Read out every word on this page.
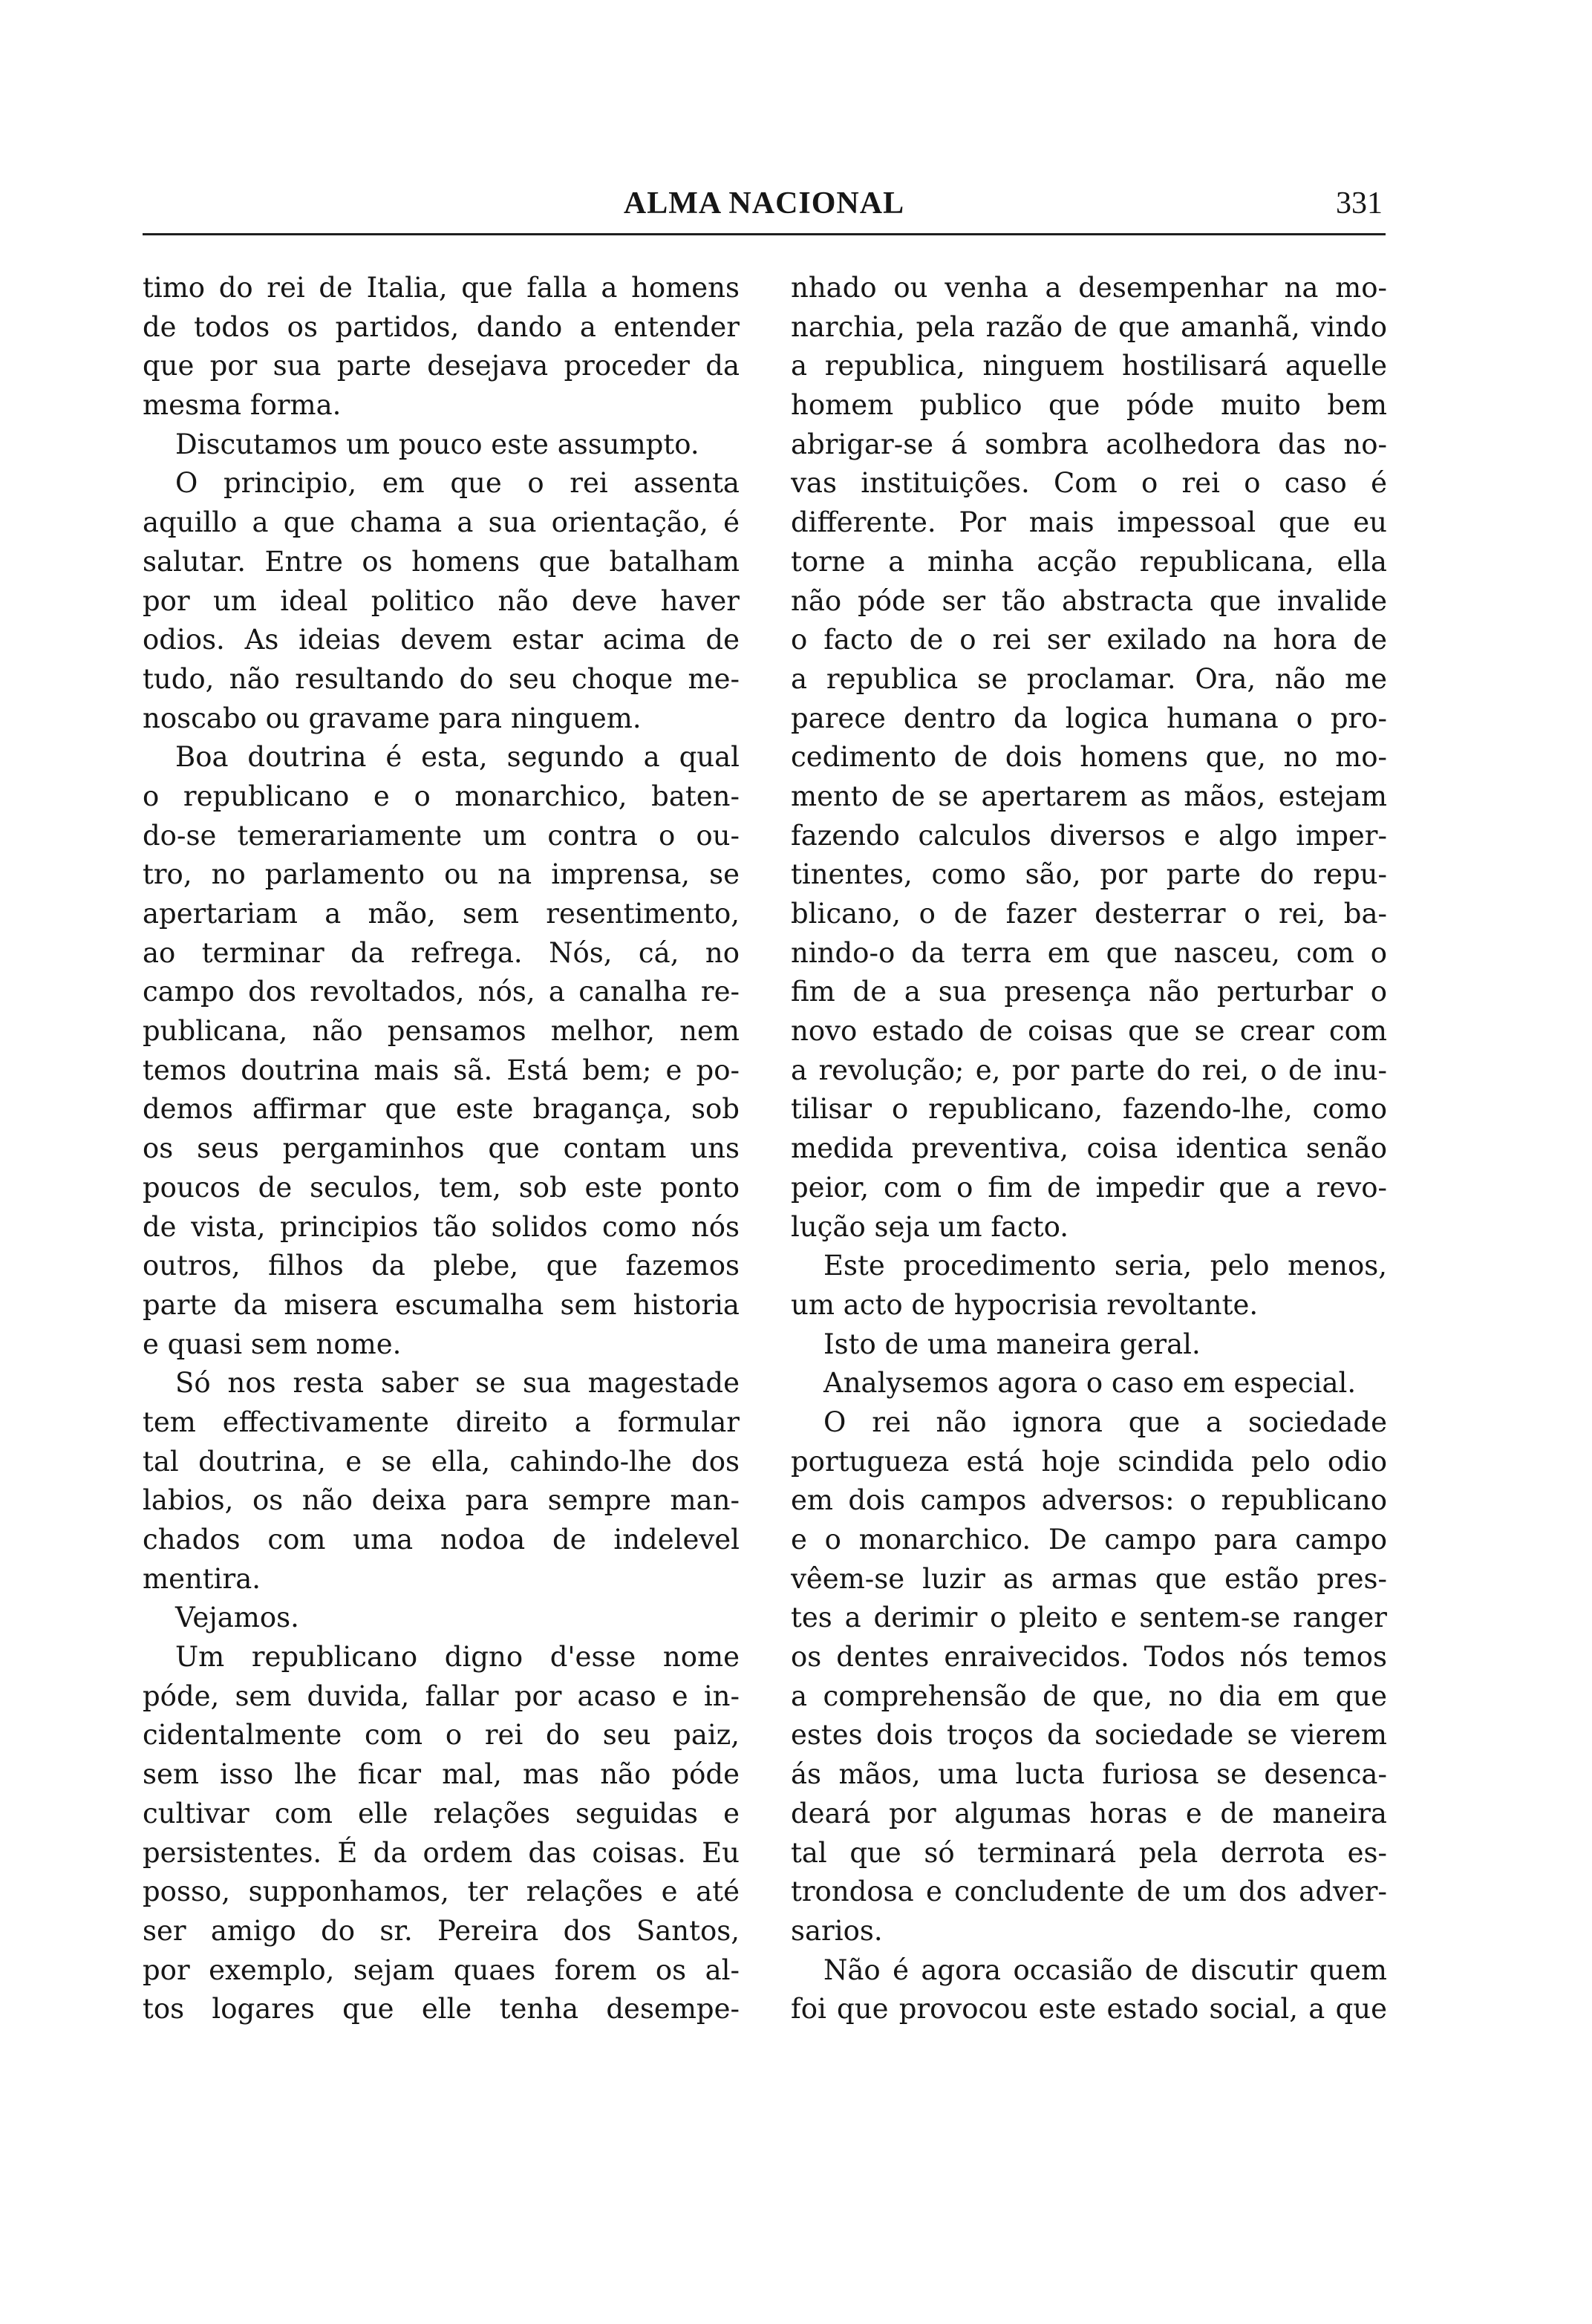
ALMA NACIONAL	331
timo do rei de Italia, que falla a homens
de todos os partidos, dando a entender
que por sua parte desejava proceder da
mesma forma.
Discutamos um pouco este assumpto.
O principio, em que o rei assenta
aquillo a que chama a sua orientação, é
salutar. Entre os homens que batalham
por um ideal politico não deve haver
odios. As ideias devem estar acima de
tudo, não resultando do seu choque me-
noscabo ou gravame para ninguem.
Boa doutrina é esta, segundo a qual
o republicano e o monarchico, baten-
do-se temerariamente um contra o ou-
tro, no parlamento ou na imprensa, se
apertariam a mão, sem resentimento,
ao terminar da refrega. Nós, cá, no
campo dos revoltados, nós, a canalha re-
publicana, não pensamos melhor, nem
temos doutrina mais sã. Está bem; e po-
demos affirmar que este bragança, sob
os seus pergaminhos que contam uns
poucos de seculos, tem, sob este ponto
de vista, principios tão solidos como nós
outros, filhos da plebe, que fazemos
parte da misera escumalha sem historia
e quasi sem nome.
Só nos resta saber se sua magestade
tem effectivamente direito a formular
tal doutrina, e se ella, cahindo-lhe dos
labios, os não deixa para sempre man-
chados com uma nodoa de indelevel
mentira.
Vejamos.
Um republicano digno d'esse nome
póde, sem duvida, fallar por acaso e in-
cidentalmente com o rei do seu paiz,
sem isso lhe ficar mal, mas não póde
cultivar com elle relações seguidas e
persistentes. É da ordem das coisas. Eu
posso, supponhamos, ter relações e até
ser amigo do sr. Pereira dos Santos,
por exemplo, sejam quaes forem os al-
tos logares que elle tenha desempe-
nhado ou venha a desempenhar na mo-
narchia, pela razão de que amanhã, vindo
a republica, ninguem hostilisará aquelle
homem publico que póde muito bem
abrigar-se á sombra acolhedora das no-
vas instituições. Com o rei o caso é
differente. Por mais impessoal que eu
torne a minha acção republicana, ella
não póde ser tão abstracta que invalide
o facto de o rei ser exilado na hora de
a republica se proclamar. Ora, não me
parece dentro da logica humana o pro-
cedimento de dois homens que, no mo-
mento de se apertarem as mãos, estejam
fazendo calculos diversos e algo imper-
tinentes, como são, por parte do repu-
blicano, o de fazer desterrar o rei, ba-
nindo-o da terra em que nasceu, com o
fim de a sua presença não perturbar o
novo estado de coisas que se crear com
a revolução; e, por parte do rei, o de inu-
tilisar o republicano, fazendo-lhe, como
medida preventiva, coisa identica senão
peior, com o fim de impedir que a revo-
lução seja um facto.
Este procedimento seria, pelo menos,
um acto de hypocrisia revoltante.
Isto de uma maneira geral.
Analysemos agora o caso em especial.
O rei não ignora que a sociedade
portugueza está hoje scindida pelo odio
em dois campos adversos: o republicano
e o monarchico. De campo para campo
vêem-se luzir as armas que estão pres-
tes a derimir o pleito e sentem-se ranger
os dentes enraivecidos. Todos nós temos
a comprehensão de que, no dia em que
estes dois troços da sociedade se vierem
ás mãos, uma lucta furiosa se desenca-
deará por algumas horas e de maneira
tal que só terminará pela derrota es-
trondosa e concludente de um dos adver-
sarios.
Não é agora occasião de discutir quem
foi que provocou este estado social, a que
